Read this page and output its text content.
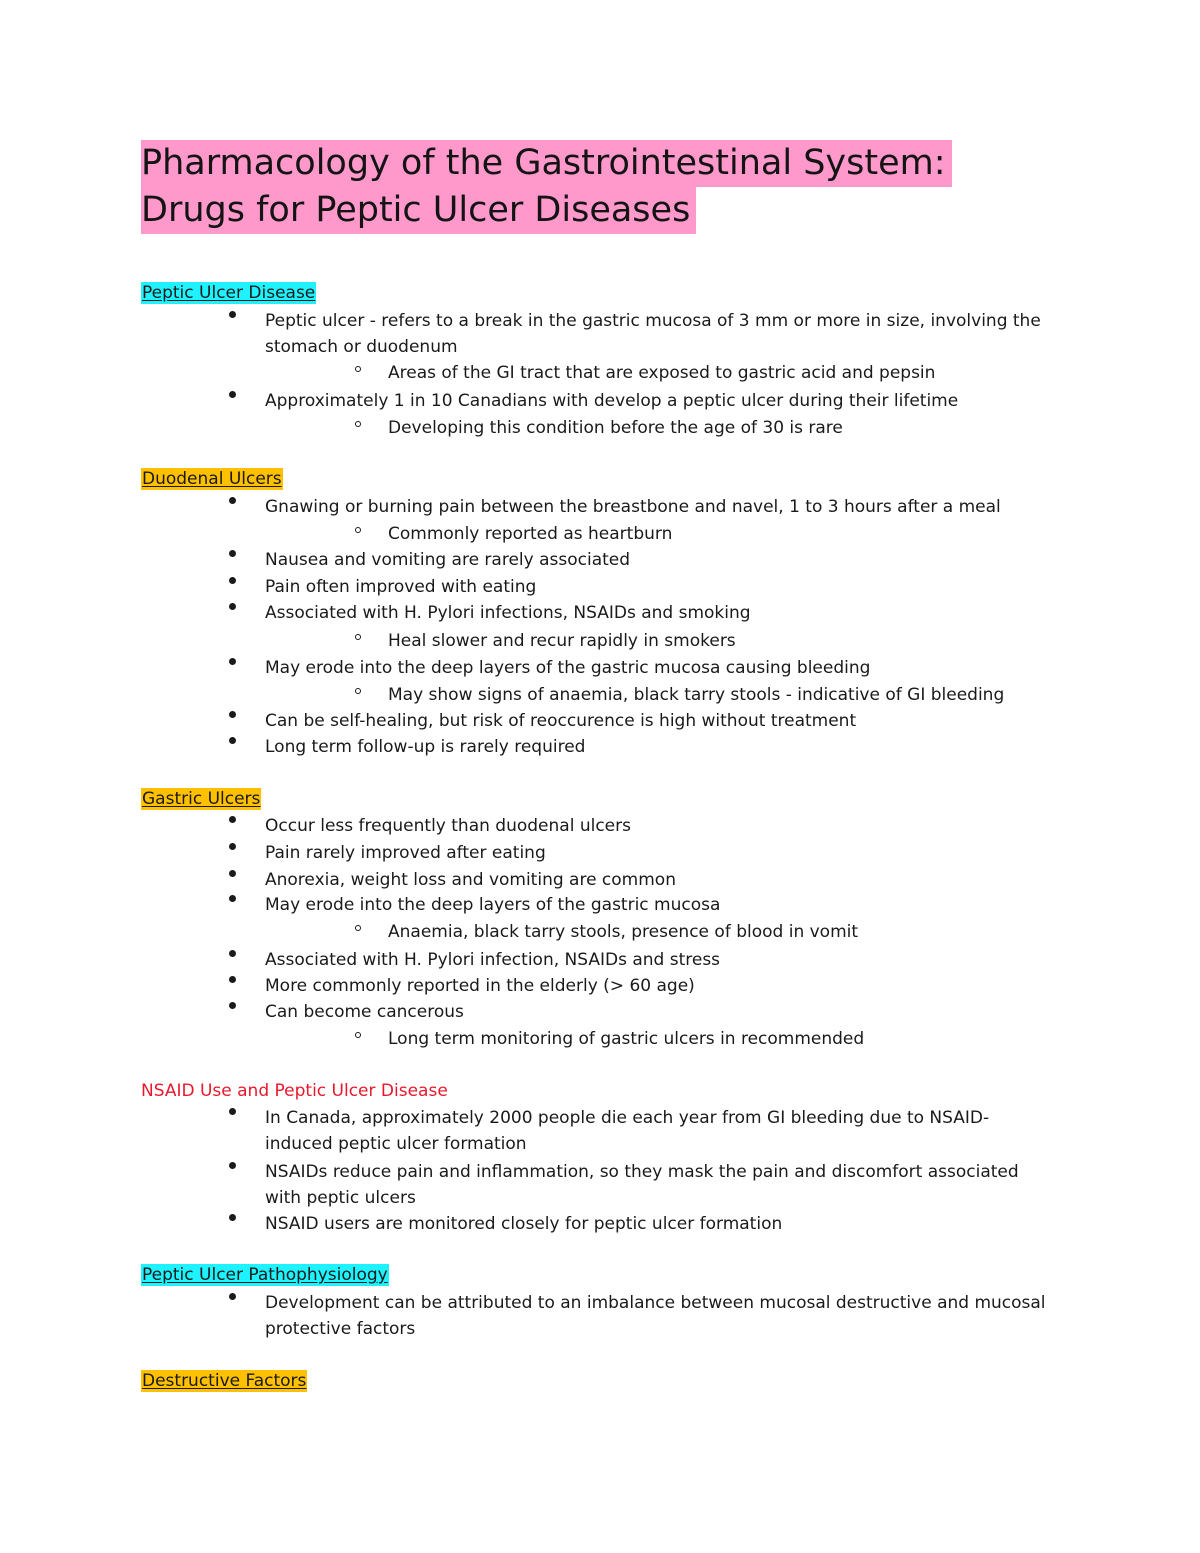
Pharmacology of the Gastrointestinal System:
Drugs for Peptic Ulcer Diseases
Peptic Ulcer Disease
Peptic ulcer - refers to a break in the gastric mucosa of 3 mm or more in size, involving the stomach or duodenum
Areas of the GI tract that are exposed to gastric acid and pepsin
Approximately 1 in 10 Canadians with develop a peptic ulcer during their lifetime
Developing this condition before the age of 30 is rare
Duodenal Ulcers
Gnawing or burning pain between the breastbone and navel, 1 to 3 hours after a meal
Commonly reported as heartburn
Nausea and vomiting are rarely associated
Pain often improved with eating
Associated with H. Pylori infections, NSAIDs and smoking
Heal slower and recur rapidly in smokers
May erode into the deep layers of the gastric mucosa causing bleeding
May show signs of anaemia, black tarry stools - indicative of GI bleeding
Can be self-healing, but risk of reoccurence is high without treatment
Long term follow-up is rarely required
Gastric Ulcers
Occur less frequently than duodenal ulcers
Pain rarely improved after eating
Anorexia, weight loss and vomiting are common
May erode into the deep layers of the gastric mucosa
Anaemia, black tarry stools, presence of blood in vomit
Associated with H. Pylori infection, NSAIDs and stress
More commonly reported in the elderly (> 60 age)
Can become cancerous
Long term monitoring of gastric ulcers in recommended
NSAID Use and Peptic Ulcer Disease
In Canada, approximately 2000 people die each year from GI bleeding due to NSAID-induced peptic ulcer formation
NSAIDs reduce pain and inflammation, so they mask the pain and discomfort associated with peptic ulcers
NSAID users are monitored closely for peptic ulcer formation
Peptic Ulcer Pathophysiology
Development can be attributed to an imbalance between mucosal destructive and mucosal protective factors
Destructive Factors
